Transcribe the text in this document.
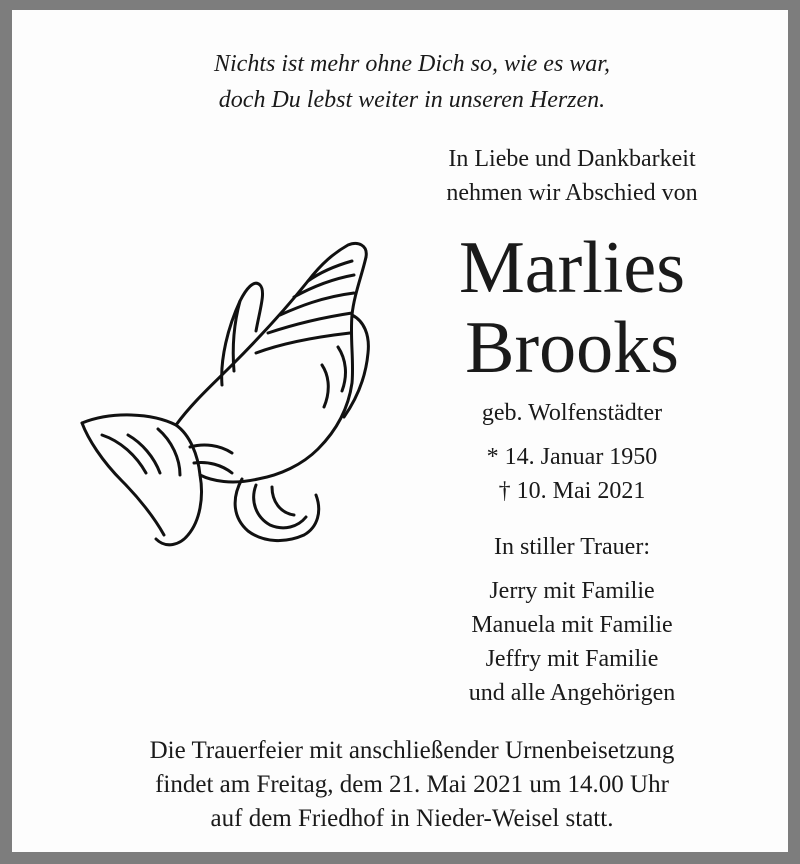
Nichts ist mehr ohne Dich so, wie es war,
doch Du lebst weiter in unseren Herzen.
In Liebe und Dankbarkeit
nehmen wir Abschied von
Marlies
Brooks
geb. Wolfenstädter
* 14. Januar 1950
† 10. Mai 2021
In stiller Trauer:
Jerry mit Familie
Manuela mit Familie
Jeffry mit Familie
und alle Angehörigen
Die Trauerfeier mit anschließender Urnenbeisetzung
findet am Freitag, dem 21. Mai 2021 um 14.00 Uhr
auf dem Friedhof in Nieder-Weisel statt.
